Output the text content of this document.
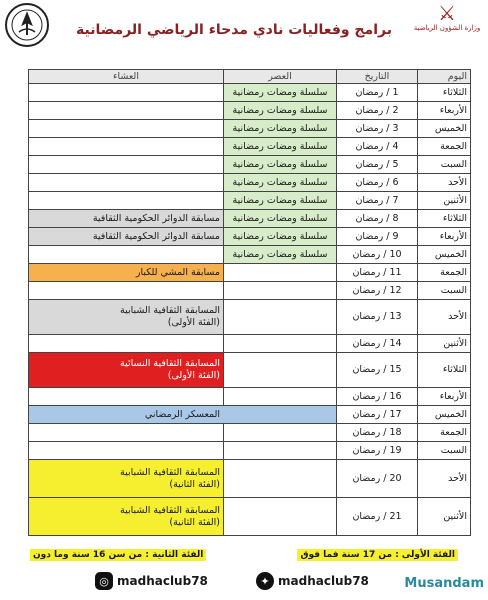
⚔
وزارة الشؤون الرياضية
برامج وفعاليات نادي مدحاء الرياضي الرمضانية
اليوم	التاريخ	العصر	العشاء
الثلاثاء	1 / رمضان	سلسلة ومضات رمضانية	
الأربعاء	2 / رمضان	سلسلة ومضات رمضانية	
الخميس	3 / رمضان	سلسلة ومضات رمضانية	
الجمعة	4 / رمضان	سلسلة ومضات رمضانية	
السبت	5 / رمضان	سلسلة ومضات رمضانية	
الأحد	6 / رمضان	سلسلة ومضات رمضانية	
الأثنين	7 / رمضان	سلسلة ومضات رمضانية	
الثلاثاء	8 / رمضان	سلسلة ومضات رمضانية	مسابقة الدوائر الحكومية الثقافية
الأربعاء	9 / رمضان	سلسلة ومضات رمضانية	مسابقة الدوائر الحكومية الثقافية
الخميس	10 / رمضان	سلسلة ومضات رمضانية	
الجمعة	11 / رمضان		مسابقة المشي للكبار
السبت	12 / رمضان		
الأحد	13 / رمضان		المسابقة الثقافية الشبابية
(الفئة الأولى)

الأثنين	14 / رمضان		
الثلاثاء	15 / رمضان		المسابقة الثقافية النسائية
(الفئة الأولى)

الأربعاء	16 / رمضان		
الخميس	17 / رمضان	المعسكر الرمضاني	
الجمعة	18 / رمضان		
السبت	19 / رمضان		
الأحد	20 / رمضان		المسابقة الثقافية الشبابية
(الفئة الثانية)

الأثنين	21 / رمضان		المسابقة الثقافية الشبابية
(الفئة الثانية)
الفئة الأولى : من 17 سنة فما فوق
الفئة الثانية : من سن 16 سنة وما دون
◎ madhaclub78	✦ madhaclub78	Musandam
